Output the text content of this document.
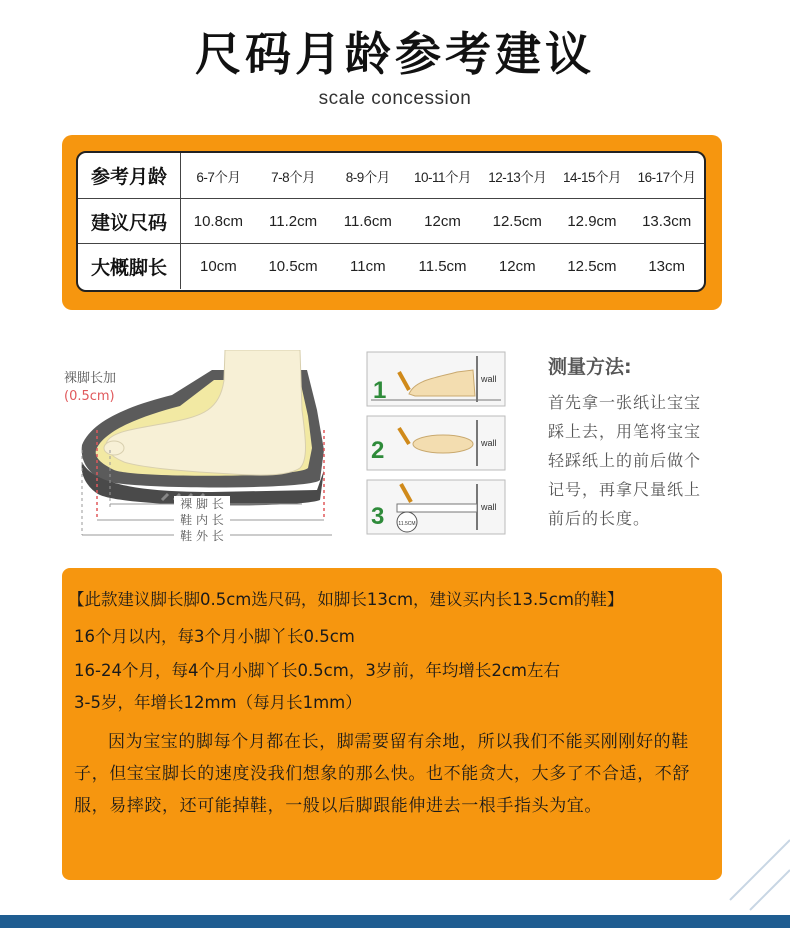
尺码月龄参考建议
scale concession
参考月龄	6-7个月	7-8个月	8-9个月	10-11个月	12-13个月	14-15个月	16-17个月
建议尺码	10.8cm	11.2cm	11.6cm	12cm	12.5cm	12.9cm	13.3cm
大概脚长	10cm	10.5cm	11cm	11.5cm	12cm	12.5cm	13cm
裸 脚 长
鞋 内 长
鞋 外 长
裸脚长加
(0.5cm)	1	wall
2	wall
3	11.5CM
wall
测量方法:
首先拿一张纸让宝宝
踩上去，用笔将宝宝
轻踩纸上的前后做个
记号，再拿尺量纸上
前后的长度。
【此款建议脚长脚0.5cm选尺码，如脚长13cm，建议买内长13.5cm的鞋】
16个月以内，每3个月小脚丫长0.5cm
16-24个月，每4个月小脚丫长0.5cm，3岁前，年均增长2cm左右
3-5岁，年增长12mm（每月长1mm）
因为宝宝的脚每个月都在长，脚需要留有余地，所以我们不能买刚刚好的鞋子，但宝宝脚长的速度没我们想象的那么快。也不能贪大，大多了不合适，不舒服，易摔跤，还可能掉鞋，一般以后脚跟能伸进去一根手指头为宜。
